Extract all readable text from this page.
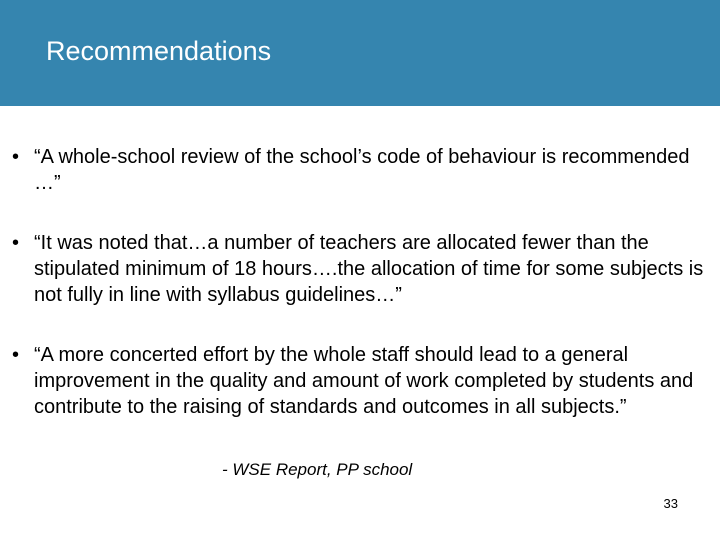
Recommendations
• “A whole-school review of the school’s code of behaviour is recommended …”
• “It was noted that…a number of teachers are allocated fewer than the stipulated minimum of 18 hours….the allocation of time for some subjects is not fully in line with syllabus guidelines…”
• “A more concerted effort by the whole staff should lead to a general improvement in the quality and amount of work completed by students and contribute to the raising of standards and outcomes in all subjects.”
- WSE Report, PP school
33
